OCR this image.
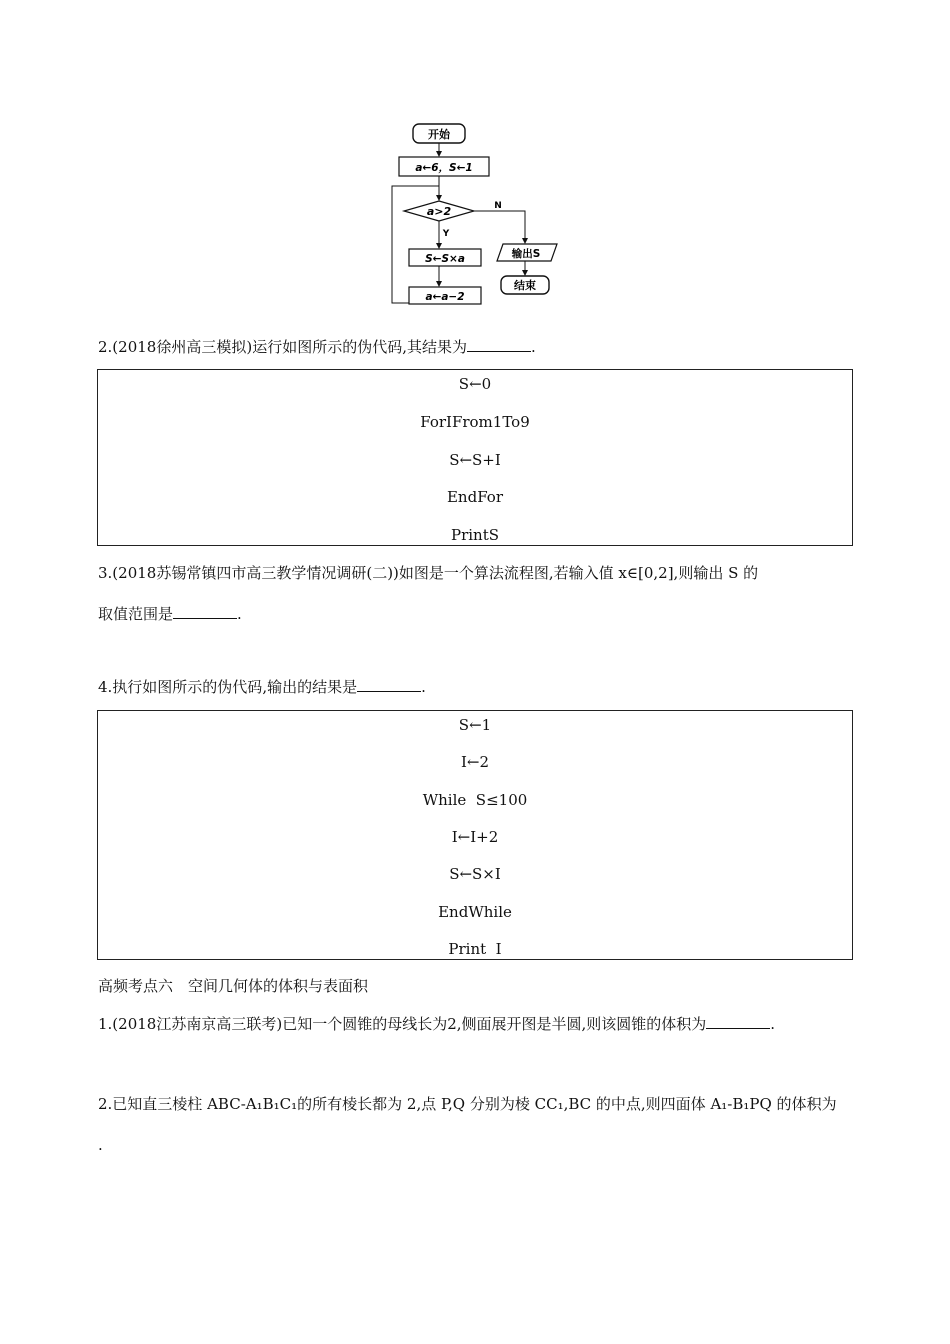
开始
a←6，S←1
a>2	N
Y
S←S×a
a←a−2
输出S
结束
2.(2018徐州高三模拟)运行如图所示的伪代码,其结果为	.
S←0
ForIFrom1To9
S←S+I
EndFor
PrintS
3.(2018苏锡常镇四市高三教学情况调研(二))如图是一个算法流程图,若输入值 x∈[0,2],则输出 S 的
取值范围是	.
4.执行如图所示的伪代码,输出的结果是	.
S←1
I←2
While  S≤100
I←I+2
S←S×I
EndWhile
Print  I
高频考点六　空间几何体的体积与表面积
1.(2018江苏南京高三联考)已知一个圆锥的母线长为2,侧面展开图是半圆,则该圆锥的体积为	.
2.已知直三棱柱 ABC-A₁B₁C₁的所有棱长都为 2,点 P,Q 分别为棱 CC₁,BC 的中点,则四面体 A₁-B₁PQ 的体积为
.
